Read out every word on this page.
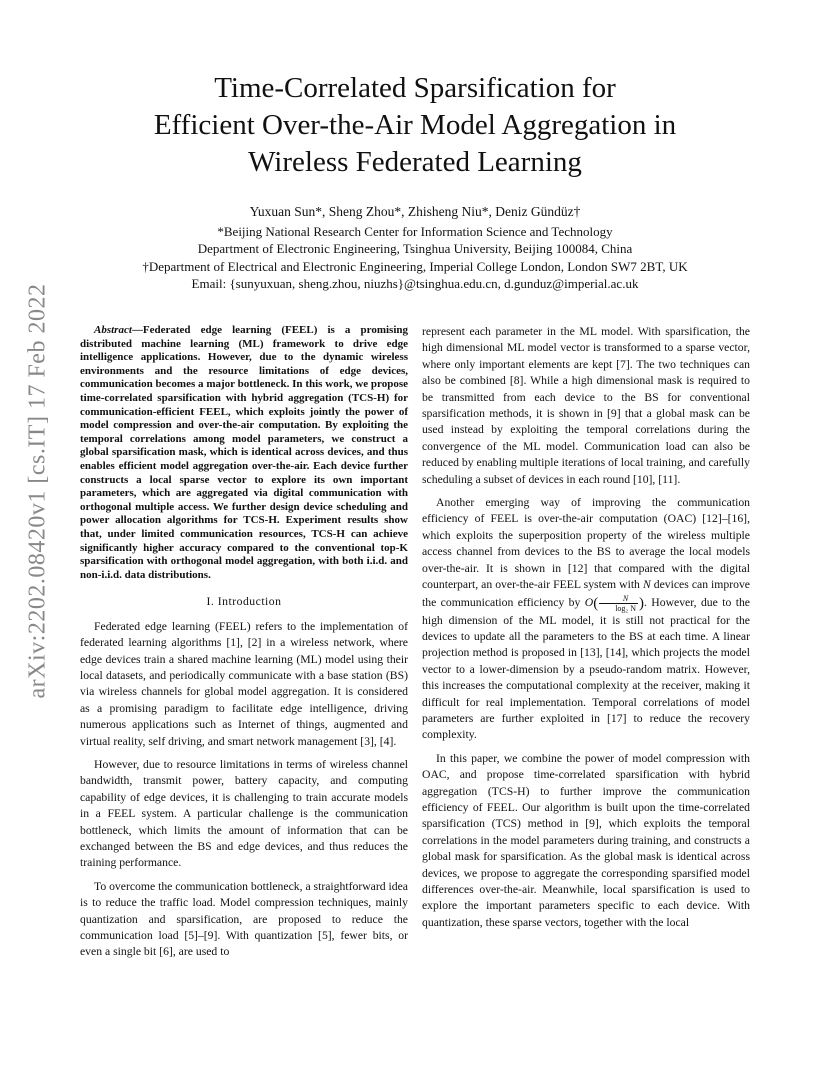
arXiv:2202.08420v1 [cs.IT] 17 Feb 2022
Time-Correlated Sparsification for
Efficient Over-the-Air Model Aggregation in
Wireless Federated Learning
Yuxuan Sun*, Sheng Zhou*, Zhisheng Niu*, Deniz Gündüz†
*Beijing National Research Center for Information Science and Technology
Department of Electronic Engineering, Tsinghua University, Beijing 100084, China
†Department of Electrical and Electronic Engineering, Imperial College London, London SW7 2BT, UK
Email: {sunyuxuan, sheng.zhou, niuzhs}@tsinghua.edu.cn, d.gunduz@imperial.ac.uk
Abstract—Federated edge learning (FEEL) is a promising distributed machine learning (ML) framework to drive edge intelligence applications. However, due to the dynamic wireless environments and the resource limitations of edge devices, communication becomes a major bottleneck. In this work, we propose time-correlated sparsification with hybrid aggregation (TCS-H) for communication-efficient FEEL, which exploits jointly the power of model compression and over-the-air computation. By exploiting the temporal correlations among model parameters, we construct a global sparsification mask, which is identical across devices, and thus enables efficient model aggregation over-the-air. Each device further constructs a local sparse vector to explore its own important parameters, which are aggregated via digital communication with orthogonal multiple access. We further design device scheduling and power allocation algorithms for TCS-H. Experiment results show that, under limited communication resources, TCS-H can achieve significantly higher accuracy compared to the conventional top-K sparsification with orthogonal model aggregation, with both i.i.d. and non-i.i.d. data distributions.
I. Introduction

Federated edge learning (FEEL) refers to the implementation of federated learning algorithms [1], [2] in a wireless network, where edge devices train a shared machine learning (ML) model using their local datasets, and periodically communicate with a base station (BS) via wireless channels for global model aggregation. It is considered as a promising paradigm to facilitate edge intelligence, driving numerous applications such as Internet of things, augmented and virtual reality, self driving, and smart network management [3], [4].

However, due to resource limitations in terms of wireless channel bandwidth, transmit power, battery capacity, and computing capability of edge devices, it is challenging to train accurate models in a FEEL system. A particular challenge is the communication bottleneck, which limits the amount of information that can be exchanged between the BS and edge devices, and thus reduces the training performance.

To overcome the communication bottleneck, a straightforward idea is to reduce the traffic load. Model compression techniques, mainly quantization and sparsification, are proposed to reduce the communication load [5]–[9]. With quantization [5], fewer bits, or even a single bit [6], are used to

represent each parameter in the ML model. With sparsification, the high dimensional ML model vector is transformed to a sparse vector, where only important elements are kept [7]. The two techniques can also be combined [8]. While a high dimensional mask is required to be transmitted from each device to the BS for conventional sparsification methods, it is shown in [9] that a global mask can be used instead by exploiting the temporal correlations during the convergence of the ML model. Communication load can also be reduced by enabling multiple iterations of local training, and carefully scheduling a subset of devices in each round [10], [11].

Another emerging way of improving the communication efficiency of FEEL is over-the-air computation (OAC) [12]–[16], which exploits the superposition property of the wireless multiple access channel from devices to the BS to average the local models over-the-air. It is shown in [12] that compared with the digital counterpart, an over-the-air FEEL system with N devices can improve the communication efficiency by $O( \frac{N}{\text{log₂ N}}$ ). However, due to the high dimension of the ML model, it is still not practical for the devices to update all the parameters to the BS at each time. A linear projection method is proposed in [13], [14], which projects the model vector to a lower-dimension by a pseudo-random matrix. However, this increases the computational complexity at the receiver, making it difficult for real implementation. Temporal correlations of model parameters are further exploited in [17] to reduce the recovery complexity.

In this paper, we combine the power of model compression with OAC, and propose time-correlated sparsification with hybrid aggregation (TCS-H) to further improve the communication efficiency of FEEL. Our algorithm is built upon the time-correlated sparsification (TCS) method in [9], which exploits the temporal correlations in the model parameters during training, and constructs a global mask for sparsification. As the global mask is identical across devices, we propose to aggregate the corresponding sparsified model differences over-the-air. Meanwhile, local sparsification is used to explore the important parameters specific to each device. With quantization, these sparse vectors, together with the local
